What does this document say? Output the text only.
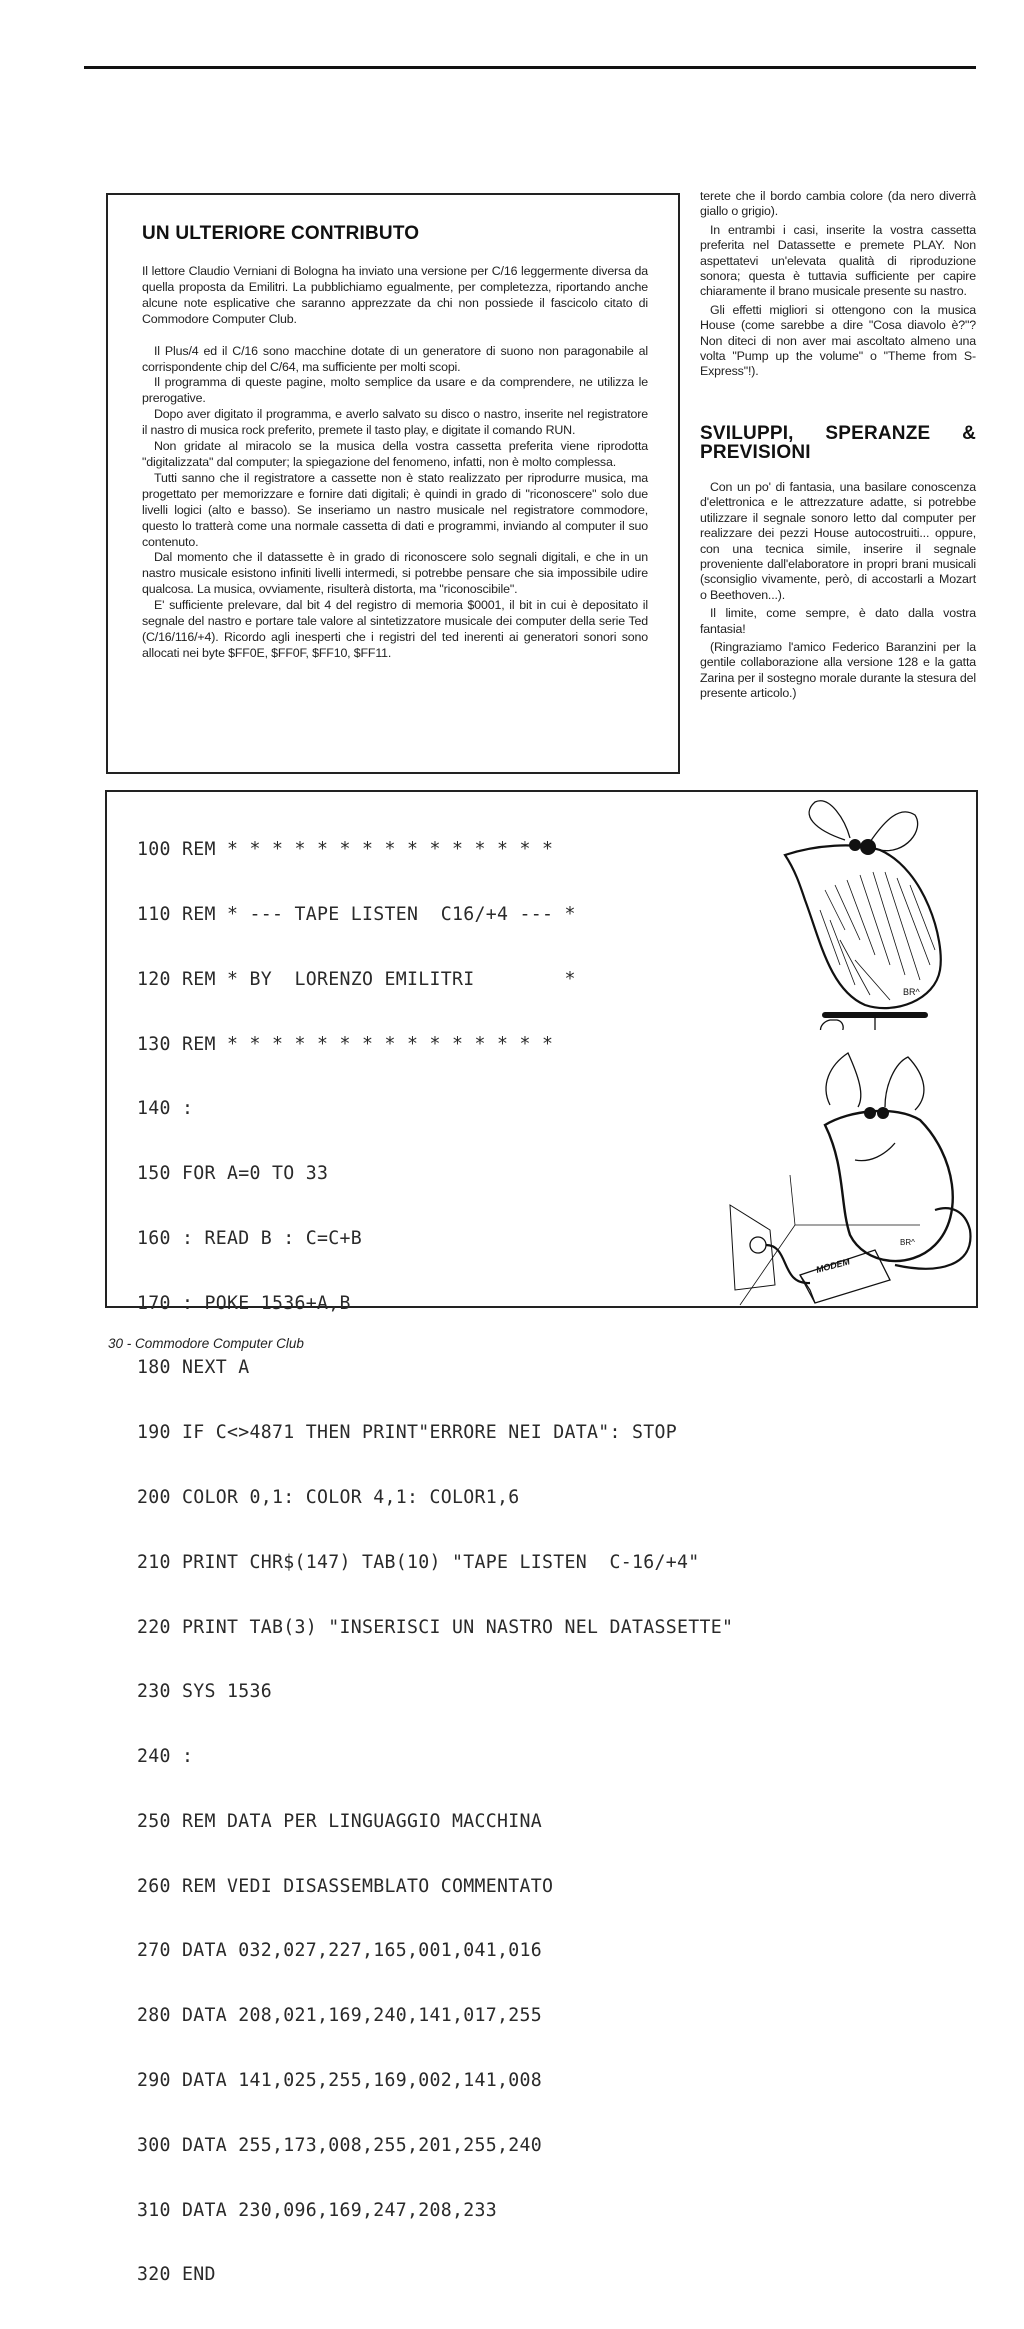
UN ULTERIORE CONTRIBUTO

Il lettore Claudio Verniani di Bologna ha inviato una versione per C/16 leggermente diversa da quella proposta da Emilitri. La pubblichiamo egualmente, per completezza, riportando anche alcune note esplicative che saranno apprezzate da chi non possiede il fascicolo citato di Commodore Computer Club.

Il Plus/4 ed il C/16 sono macchine dotate di un generatore di suono non paragonabile al corrispondente chip del C/64, ma sufficiente per molti scopi.

Il programma di queste pagine, molto semplice da usare e da comprendere, ne utilizza le prerogative.

Dopo aver digitato il programma, e averlo salvato su disco o nastro, inserite nel registratore il nastro di musica rock preferito, premete il tasto play, e digitate il comando RUN.

Non gridate al miracolo se la musica della vostra cassetta preferita viene riprodotta "digitalizzata" dal computer; la spiegazione del fenomeno, infatti, non è molto complessa.

Tutti sanno che il registratore a cassette non è stato realizzato per riprodurre musica, ma progettato per memorizzare e fornire dati digitali; è quindi in grado di "riconoscere" solo due livelli logici (alto e basso). Se inseriamo un nastro musicale nel registratore commodore, questo lo tratterà come una normale cassetta di dati e programmi, inviando al computer il suo contenuto.

Dal momento che il datassette è in grado di riconoscere solo segnali digitali, e che in un nastro musicale esistono infiniti livelli intermedi, si potrebbe pensare che sia impossibile udire qualcosa. La musica, ovviamente, risulterà distorta, ma "riconoscibile".

E' sufficiente prelevare, dal bit 4 del registro di memoria $0001, il bit in cui è depositato il segnale del nastro e portare tale valore al sintetizzatore musicale dei computer della serie Ted (C/16/116/+4). Ricordo agli inesperti che i registri del ted inerenti ai generatori sonori sono allocati nei byte $FF0E, $FF0F, $FF10, $FF11.

terete che il bordo cambia colore (da nero diverrà giallo o grigio).

In entrambi i casi, inserite la vostra cassetta preferita nel Datassette e premete PLAY. Non aspettatevi un'elevata qualità di riproduzione sonora; questa è tuttavia sufficiente per capire chiaramente il brano musicale presente su nastro.

Gli effetti migliori si ottengono con la musica House (come sarebbe a dire "Cosa diavolo è?"? Non diteci di non aver mai ascoltato almeno una volta "Pump up the volume" o "Theme from S-Express"!).

SVILUPPI, SPERANZE & PREVISIONI

Con un po' di fantasia, una basilare conoscenza d'elettronica e le attrezzature adatte, si potrebbe utilizzare il segnale sonoro letto dal computer per realizzare dei pezzi House autocostruiti... oppure, con una tecnica simile, inserire il segnale proveniente dall'elaboratore in propri brani musicali (sconsiglio vivamente, però, di accostarli a Mozart o Beethoven...).

Il limite, come sempre, è dato dalla vostra fantasia!

(Ringraziamo l'amico Federico Baranzini per la gentile collaborazione alla versione 128 e la gatta Zarina per il sostegno morale durante la stesura del presente articolo.)

100 REM * * * * * * * * * * * * * * *

110 REM * --- TAPE LISTEN  C16/+4 --- *

120 REM * BY  LORENZO EMILITRI        *

130 REM * * * * * * * * * * * * * * *

140 :

150 FOR A=0 TO 33

160 : READ B : C=C+B

170 : POKE 1536+A,B

180 NEXT A

190 IF C<>4871 THEN PRINT"ERRORE NEI DATA": STOP

200 COLOR 0,1: COLOR 4,1: COLOR1,6

210 PRINT CHR$(147) TAB(10) "TAPE LISTEN  C-16/+4"

220 PRINT TAB(3) "INSERISCI UN NASTRO NEL DATASSETTE"

230 SYS 1536

240 :

250 REM DATA PER LINGUAGGIO MACCHINA

260 REM VEDI DISASSEMBLATO COMMENTATO

270 DATA 032,027,227,165,001,041,016

280 DATA 208,021,169,240,141,017,255

290 DATA 141,025,255,169,002,141,008

300 DATA 255,173,008,255,201,255,240

310 DATA 230,096,169,247,208,233

320 END

BR^
MODEM
BR^
30 - Commodore Computer Club
